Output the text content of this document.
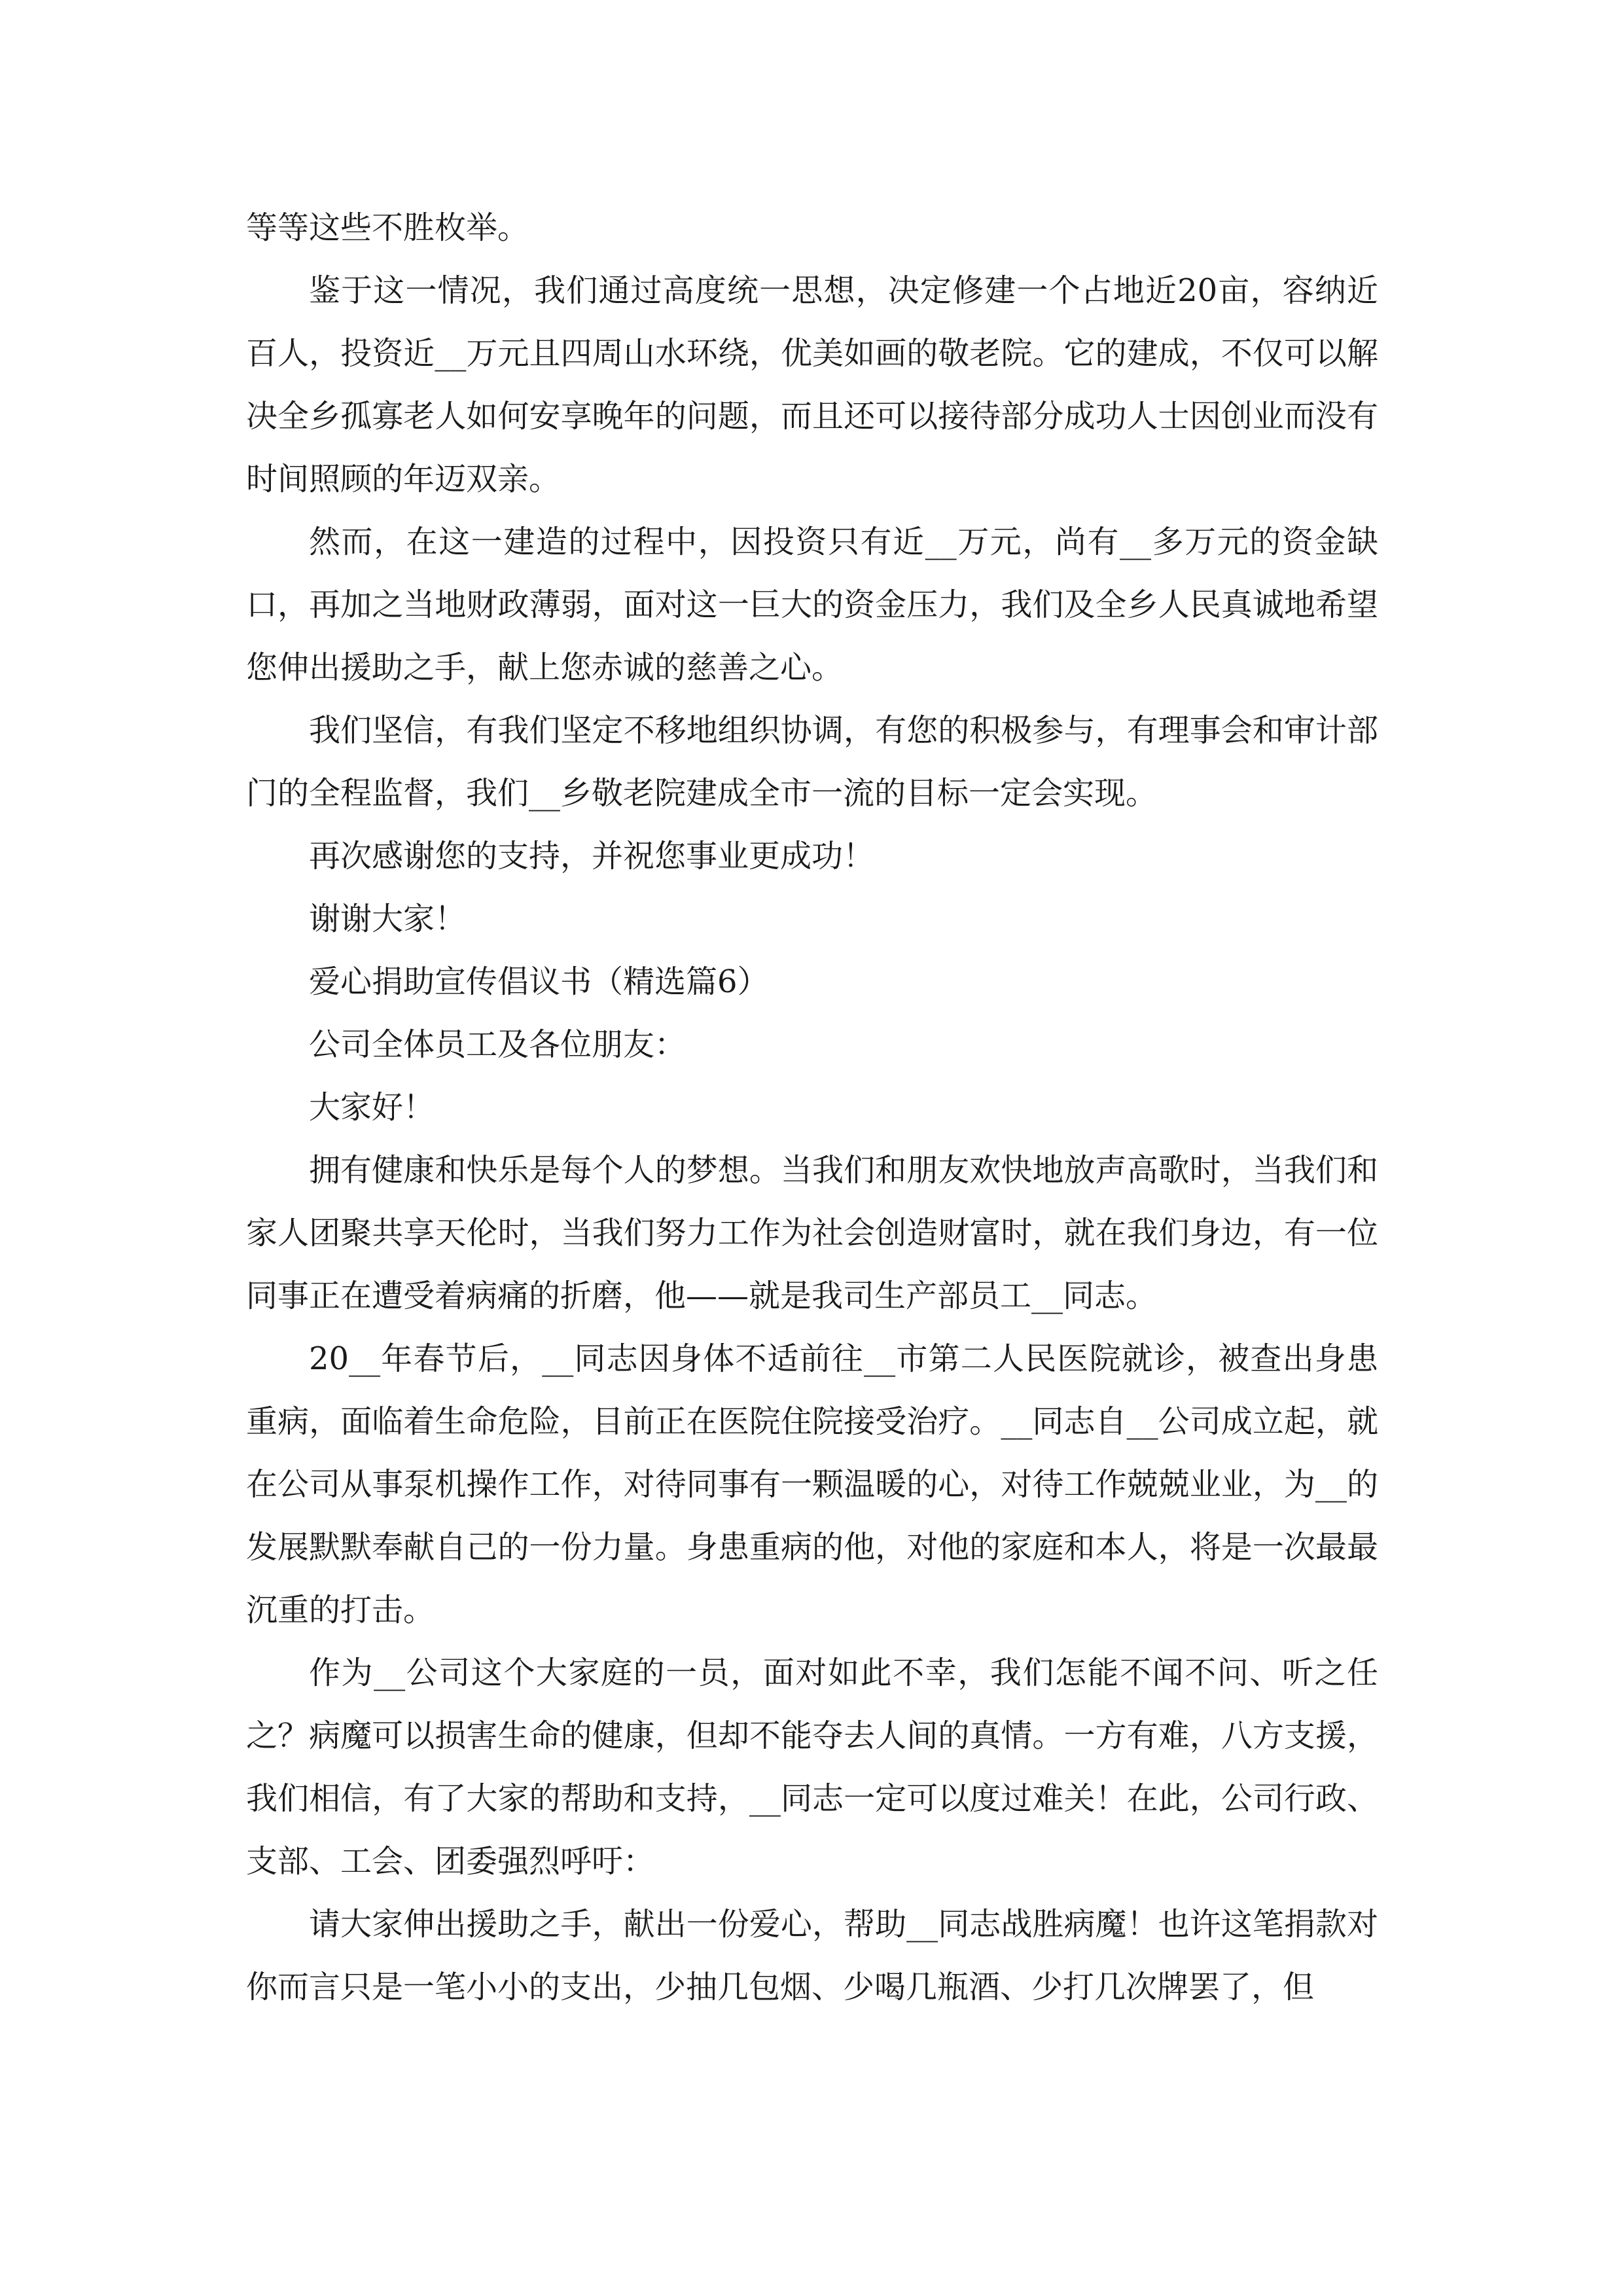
等等这些不胜枚举。

鉴于这一情况，我们通过高度统一思想，决定修建一个占地近20亩，容纳近百人，投资近__万元且四周山水环绕，优美如画的敬老院。它的建成，不仅可以解决全乡孤寡老人如何安享晚年的问题，而且还可以接待部分成功人士因创业而没有时间照顾的年迈双亲。

然而，在这一建造的过程中，因投资只有近__万元，尚有__多万元的资金缺口，再加之当地财政薄弱，面对这一巨大的资金压力，我们及全乡人民真诚地希望您伸出援助之手，献上您赤诚的慈善之心。

我们坚信，有我们坚定不移地组织协调，有您的积极参与，有理事会和审计部门的全程监督，我们__乡敬老院建成全市一流的目标一定会实现。

再次感谢您的支持，并祝您事业更成功！

谢谢大家！

爱心捐助宣传倡议书（精选篇6）

公司全体员工及各位朋友：

大家好！

拥有健康和快乐是每个人的梦想。当我们和朋友欢快地放声高歌时，当我们和家人团聚共享天伦时，当我们努力工作为社会创造财富时，就在我们身边，有一位同事正在遭受着病痛的折磨，他——就是我司生产部员工__同志。

20__年春节后，__同志因身体不适前往__市第二人民医院就诊，被查出身患重病，面临着生命危险，目前正在医院住院接受治疗。__同志自__公司成立起，就在公司从事泵机操作工作，对待同事有一颗温暖的心，对待工作兢兢业业，为__的发展默默奉献自己的一份力量。身患重病的他，对他的家庭和本人，将是一次最最沉重的打击。

作为__公司这个大家庭的一员，面对如此不幸，我们怎能不闻不问、听之任之？病魔可以损害生命的健康，但却不能夺去人间的真情。一方有难，八方支援，我们相信，有了大家的帮助和支持，__同志一定可以度过难关！在此，公司行政、支部、工会、团委强烈呼吁：

请大家伸出援助之手，献出一份爱心，帮助__同志战胜病魔！也许这笔捐款对你而言只是一笔小小的支出，少抽几包烟、少喝几瓶酒、少打几次牌罢了，但
